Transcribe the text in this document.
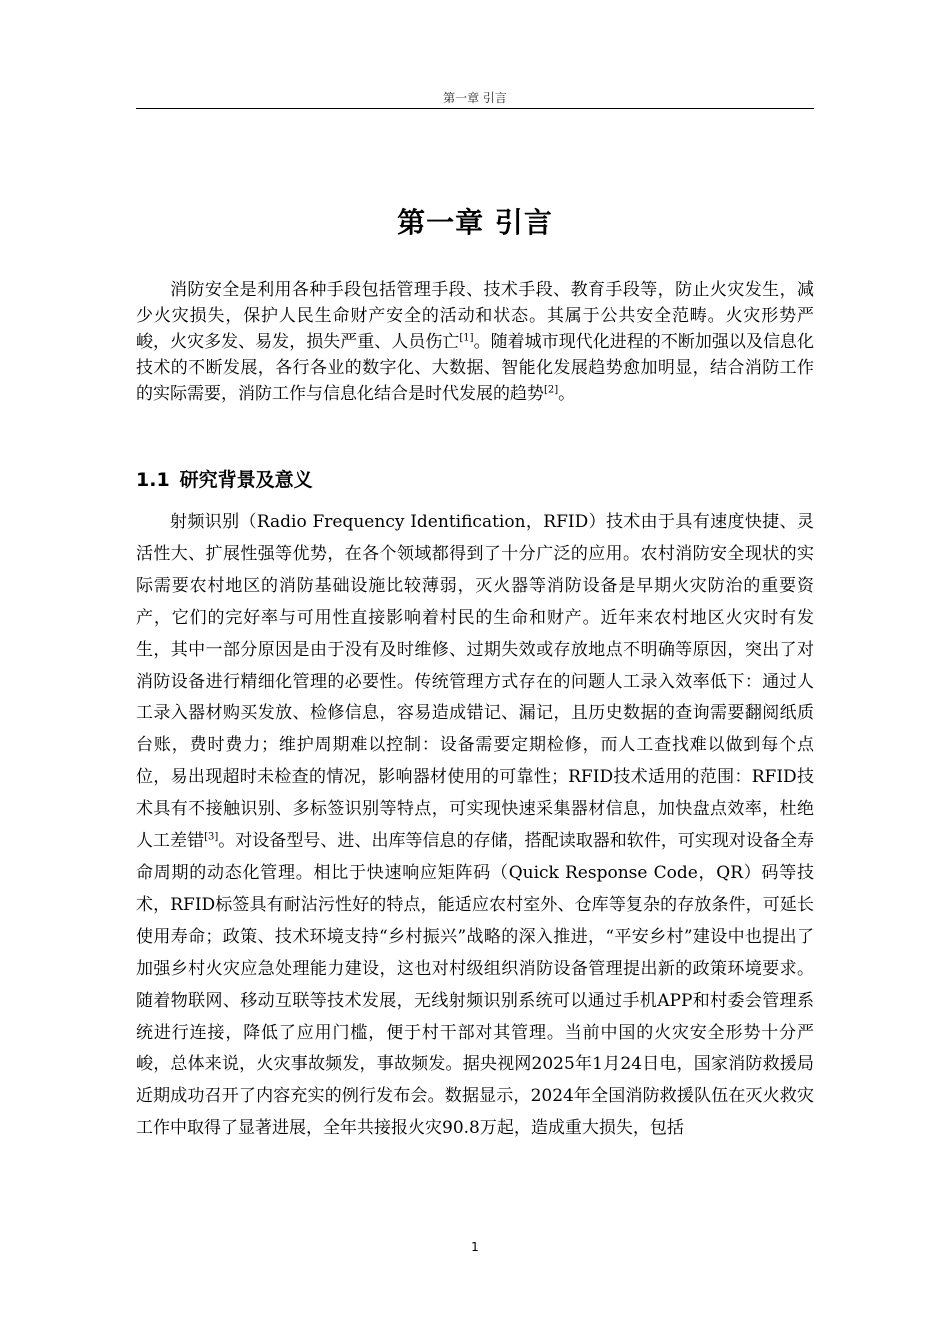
第一章 引言
第一章 引言

消防安全是利用各种手段包括管理手段、技术手段、教育手段等，防止火灾发生，减少火灾损失，保护人民生命财产安全的活动和状态。其属于公共安全范畴。火灾形势严峻，火灾多发、易发，损失严重、人员伤亡[1]。随着城市现代化进程的不断加强以及信息化技术的不断发展，各行各业的数字化、大数据、智能化发展趋势愈加明显，结合消防工作的实际需要，消防工作与信息化结合是时代发展的趋势[2]。

1.1 研究背景及意义

射频识别（Radio Frequency Identification，RFID）技术由于具有速度快捷、灵活性大、扩展性强等优势，在各个领域都得到了十分广泛的应用。农村消防安全现状的实际需要农村地区的消防基础设施比较薄弱，灭火器等消防设备是早期火灾防治的重要资产，它们的完好率与可用性直接影响着村民的生命和财产。近年来农村地区火灾时有发生，其中一部分原因是由于没有及时维修、过期失效或存放地点不明确等原因，突出了对消防设备进行精细化管理的必要性。传统管理方式存在的问题人工录入效率低下：通过人工录入器材购买发放、检修信息，容易造成错记、漏记，且历史数据的查询需要翻阅纸质台账，费时费力；维护周期难以控制：设备需要定期检修，而人工查找难以做到每个点位，易出现超时未检查的情况，影响器材使用的可靠性；RFID技术适用的范围：RFID技术具有不接触识别、多标签识别等特点，可实现快速采集器材信息，加快盘点效率，杜绝人工差错[3]。对设备型号、进、出库等信息的存储，搭配读取器和软件，可实现对设备全寿命周期的动态化管理。相比于快速响应矩阵码（Quick Response Code，QR）码等技术，RFID标签具有耐沾污性好的特点，能适应农村室外、仓库等复杂的存放条件，可延长使用寿命；政策、技术环境支持“乡村振兴”战略的深入推进，“平安乡村”建设中也提出了加强乡村火灾应急处理能力建设，这也对村级组织消防设备管理提出新的政策环境要求。随着物联网、移动互联等技术发展，无线射频识别系统可以通过手机APP和村委会管理系统进行连接，降低了应用门槛，便于村干部对其管理。当前中国的火灾安全形势十分严峻，总体来说，火灾事故频发，事故频发。据央视网2025年1月24日电，国家消防救援局近期成功召开了内容充实的例行发布会。数据显示，2024年全国消防救援队伍在灭火救灾工作中取得了显著进展，全年共接报火灾90.8万起，造成重大损失，包括

1
